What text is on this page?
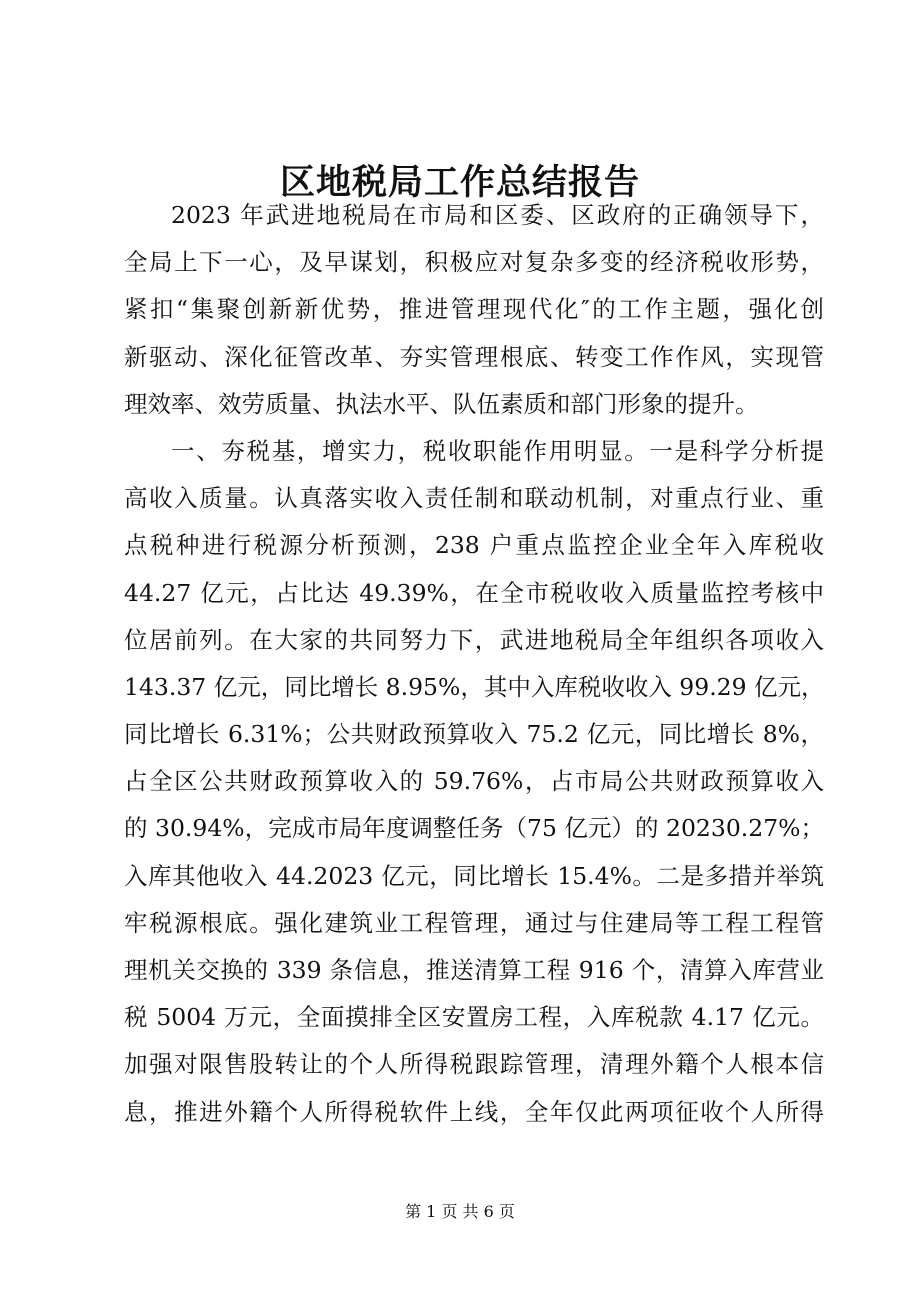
区地税局工作总结报告
2023 年武进地税局在市局和区委、区政府的正确领导下，
全局上下一心，及早谋划，积极应对复杂多变的经济税收形势，
紧扣“集聚创新新优势，推进管理现代化″的工作主题，强化创
新驱动、深化征管改革、夯实管理根底、转变工作作风，实现管
理效率、效劳质量、执法水平、队伍素质和部门形象的提升。
一、夯税基，增实力，税收职能作用明显。一是科学分析提
高收入质量。认真落实收入责任制和联动机制，对重点行业、重
点税种进行税源分析预测，238 户重点监控企业全年入库税收
44.27 亿元，占比达 49.39%，在全市税收收入质量监控考核中
位居前列。在大家的共同努力下，武进地税局全年组织各项收入
143.37 亿元，同比增长 8.95%，其中入库税收收入 99.29 亿元，
同比增长 6.31%；公共财政预算收入 75.2 亿元，同比增长 8%，
占全区公共财政预算收入的 59.76%，占市局公共财政预算收入
的 30.94%，完成市局年度调整任务（75 亿元）的 20230.27%；
入库其他收入 44.2023 亿元，同比增长 15.4%。二是多措并举筑
牢税源根底。强化建筑业工程管理，通过与住建局等工程工程管
理机关交换的 339 条信息，推送清算工程 916 个，清算入库营业
税 5004 万元，全面摸排全区安置房工程，入库税款 4.17 亿元。
加强对限售股转让的个人所得税跟踪管理，清理外籍个人根本信
息，推进外籍个人所得税软件上线，全年仅此两项征收个人所得
第 1 页 共 6 页
